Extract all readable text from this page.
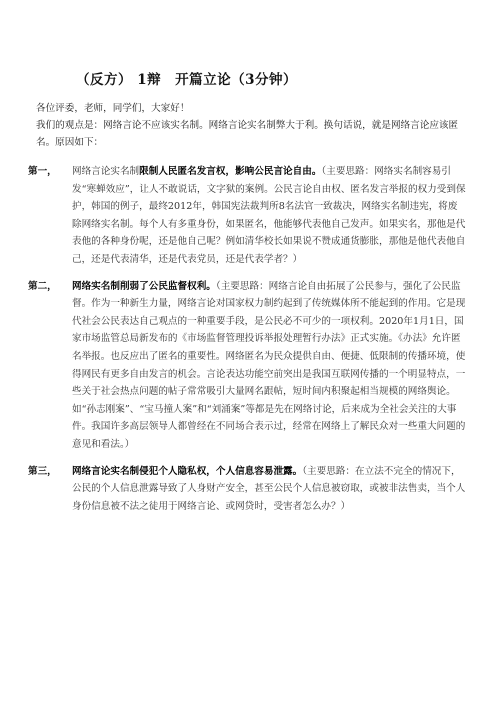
（反方） 1辩　开篇立论（3分钟）

各位评委，老师，同学们，大家好！

我们的观点是：网络言论不应该实名制。网络言论实名制弊大于利。换句话说，就是网络言论应该匿名。原因如下：

第一，	网络言论实名制限制人民匿名发言权，影响公民言论自由。（主要思路：网络实名制容易引发“寒蝉效应”，让人不敢说话，文字狱的案例。公民言论自由权、匿名发言举报的权力受到保护，韩国的例子，最终2012年，韩国宪法裁判所8名法官一致裁决，网络实名制违宪，将废除网络实名制。每个人有多重身份，如果匿名，他能够代表他自己发声。如果实名，那他是代表他的各种身份呢，还是他自己呢？例如清华校长如果说不赞成通货膨胀，那他是他代表他自己，还是代表清华，还是代表党员，还是代表学者？）
第二，	网络实名制削弱了公民监督权利。（主要思路：网络言论自由拓展了公民参与，强化了公民监督。作为一种新生力量，网络言论对国家权力制约起到了传统媒体所不能起到的作用。它是现代社会公民表达自己观点的一种重要手段，是公民必不可少的一项权利。2020年1月1日，国家市场监管总局新发布的《市场监督管理投诉举报处理暂行办法》正式实施。《办法》允许匿名举报。也反应出了匿名的重要性。网络匿名为民众提供自由、便捷、低限制的传播环境，使得网民有更多自由发言的机会。言论表达功能空前突出是我国互联网传播的一个明显特点，一些关于社会热点问题的帖子常常吸引大量网名跟帖，短时间内积聚起相当规模的网络舆论。如“孙志刚案”、“宝马撞人案”和“刘涌案”等都是先在网络讨论，后来成为全社会关注的大事件。我国许多高层领导人都曾经在不同场合表示过，经常在网络上了解民众对一些重大问题的意见和看法。）
第三，	网络言论实名制侵犯个人隐私权，个人信息容易泄露。（主要思路：在立法不完全的情况下，公民的个人信息泄露导致了人身财产安全，甚至公民个人信息被窃取，或被非法售卖，当个人身份信息被不法之徒用于网络言论、或网贷时，受害者怎么办？）
